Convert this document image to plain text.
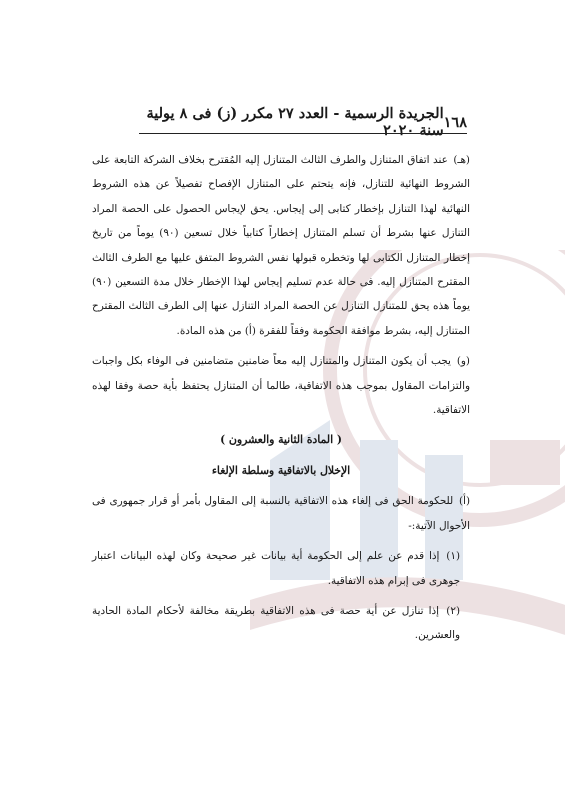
١٦٨
الجريدة الرسمية - العدد ٢٧ مكرر (ز) فى ٨ يولية سنة ٢٠٢٠

(هـ) عند اتفاق المتنازل والطرف الثالث المتنازل إليه المُقترح بخلاف الشركة التابعة على الشروط النهائية للتنازل، فإنه يتحتم على المتنازل الإفصاح تفصيلاً عن هذه الشروط النهائية لهذا التنازل بإخطار كتابى إلى إيجاس. يحق لإيجاس الحصول على الحصة المراد التنازل عنها بشرط أن تسلم المتنازل إخطاراً كتابياً خلال تسعين (٩٠) يوماً من تاريخ إخطار المتنازل الكتابى لها وتخطره قبولها نفس الشروط المتفق عليها مع الطرف الثالث المقترح المتنازل إليه. فى حالة عدم تسليم إيجاس لهذا الإخطار خلال مدة التسعين (٩٠) يوماً هذه يحق للمتنازل التنازل عن الحصة المراد التنازل عنها إلى الطرف الثالث المقترح المتنازل إليه، بشرط موافقة الحكومة وفقاً للفقرة (أ) من هذه المادة.

(و) يجب أن يكون المتنازل والمتنازل إليه معاً ضامنين متضامنين فى الوفاء بكل واجبات والتزامات المقاول بموجب هذه الاتفاقية، طالما أن المتنازل يحتفظ بأية حصة وفقا لهذه الاتفاقية.

( المادة الثانية والعشرون )

الإخلال بالاتفاقية وسلطة الإلغاء

(أ) للحكومة الحق فى إلغاء هذه الاتفاقية بالنسبة إلى المقاول بأمر أو قرار جمهورى فى الأحوال الآتية:-

(١) إذا قدم عن علم إلى الحكومة أية بيانات غير صحيحة وكان لهذه البيانات اعتبار جوهرى فى إبرام هذه الاتفاقية.

(٢) إذا تنازل عن أية حصة فى هذه الاتفاقية بطريقة مخالفة لأحكام المادة الحادية والعشرين.
